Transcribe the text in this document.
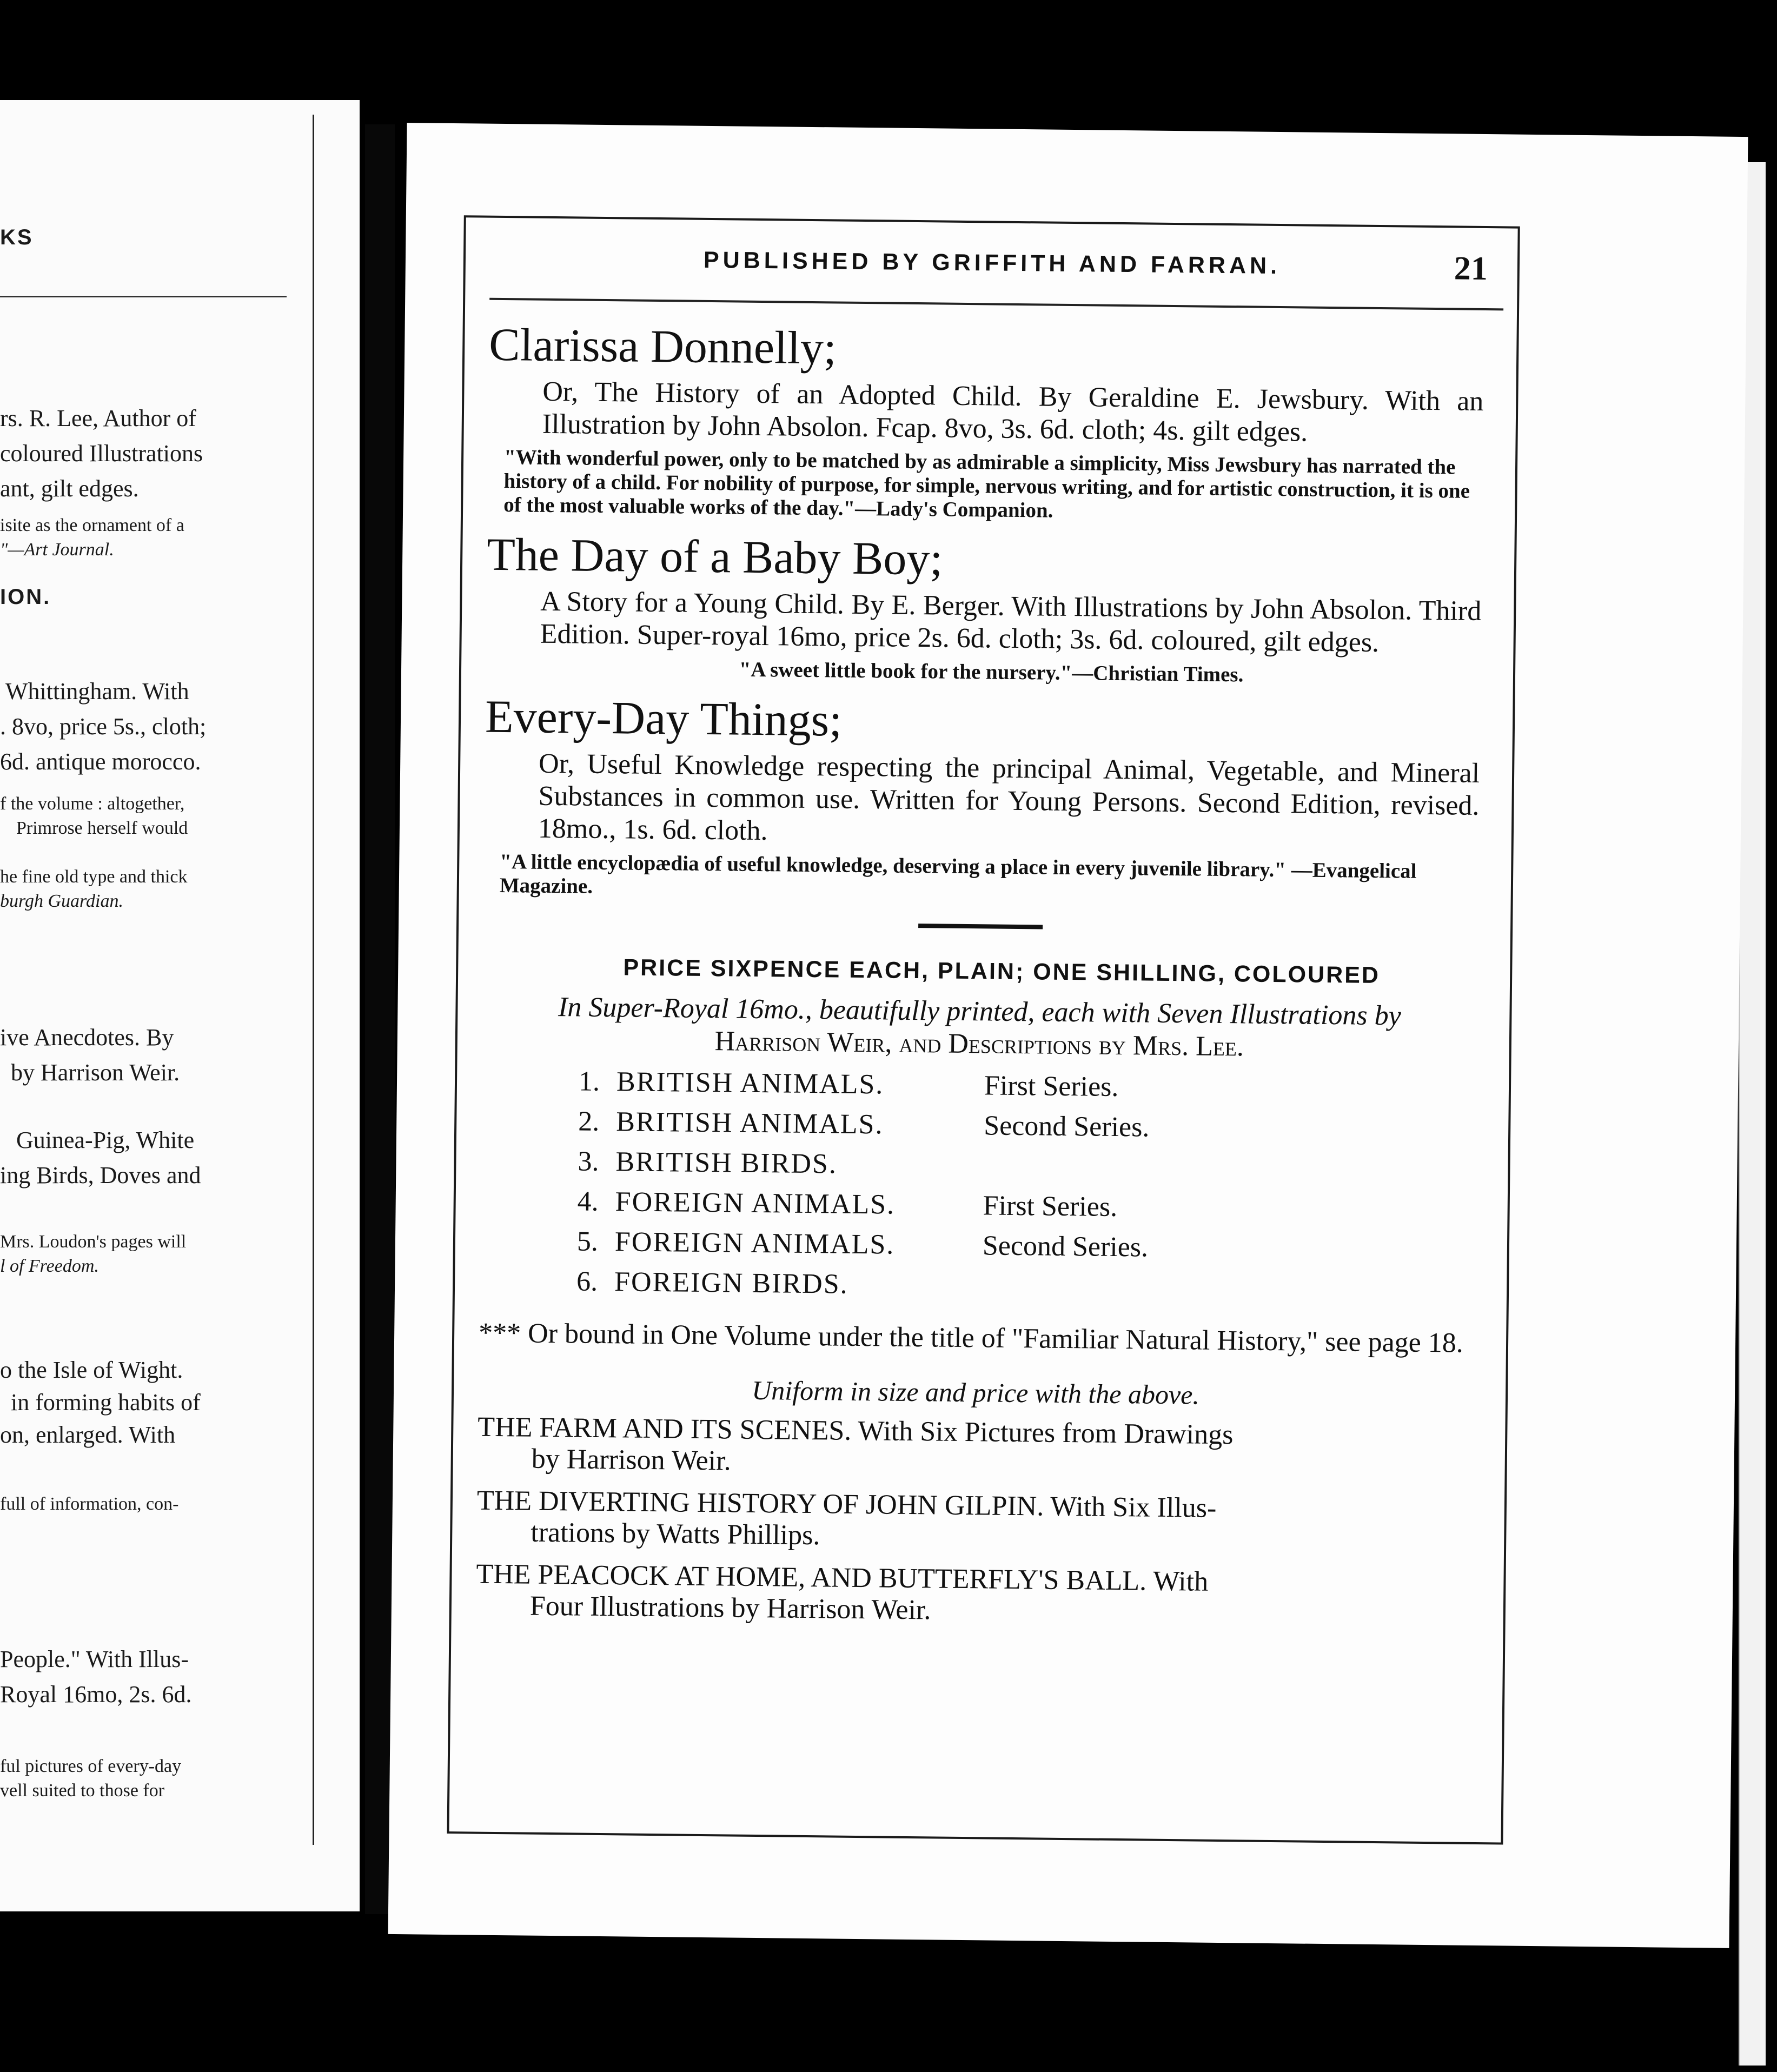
KS
rs. R. Lee, Author of
coloured Illustrations
ant, gilt edges.
isite as the ornament of a
"—Art Journal.
ION.
Whittingham. With
. 8vo, price 5s., cloth;
6d. antique morocco.
f the volume : altogether,
Primrose herself would
he fine old type and thick
burgh Guardian.
ive Anecdotes. By
by Harrison Weir.
Guinea-Pig, White
ing Birds, Doves and
Mrs. Loudon's pages will
l of Freedom.
o the Isle of Wight.
in forming habits of
on, enlarged. With
full of information, con-
People." With Illus-
Royal 16mo, 2s. 6d.
ful pictures of every-day
vell suited to those for
PUBLISHED BY GRIFFITH AND FARRAN.	21
Clarissa Donnelly;

Or, The History of an Adopted Child. By Geraldine E. Jewsbury. With an Illustration by John Absolon. Fcap. 8vo, 3s. 6d. cloth; 4s. gilt edges.

"With wonderful power, only to be matched by as admirable a simplicity, Miss Jewsbury has narrated the history of a child. For nobility of purpose, for simple, nervous writing, and for artistic construction, it is one of the most valuable works of the day."—Lady's Companion.

The Day of a Baby Boy;

A Story for a Young Child. By E. Berger. With Illustrations by John Absolon. Third Edition. Super-royal 16mo, price 2s. 6d. cloth; 3s. 6d. coloured, gilt edges.

"A sweet little book for the nursery."—Christian Times.

Every-Day Things;

Or, Useful Knowledge respecting the principal Animal, Vegetable, and Mineral Substances in common use. Written for Young Persons. Second Edition, revised. 18mo., 1s. 6d. cloth.

"A little encyclopædia of useful knowledge, deserving a place in every juvenile library." —Evangelical Magazine.

PRICE SIXPENCE EACH, PLAIN; ONE SHILLING, COLOURED

In Super-Royal 16mo., beautifully printed, each with Seven Illustrations by
Harrison Weir, and Descriptions by Mrs. Lee.

1. BRITISH ANIMALS.	First Series.
2. BRITISH ANIMALS.	Second Series.
3. BRITISH BIRDS.
4. FOREIGN ANIMALS.	First Series.
5. FOREIGN ANIMALS.	Second Series.
6. FOREIGN BIRDS.

*** Or bound in One Volume under the title of "Familiar Natural History," see page 18.

Uniform in size and price with the above.

THE FARM AND ITS SCENES. With Six Pictures from Drawings
by Harrison Weir.

THE DIVERTING HISTORY OF JOHN GILPIN. With Six Illus-
trations by Watts Phillips.

THE PEACOCK AT HOME, AND BUTTERFLY'S BALL. With
Four Illustrations by Harrison Weir.
